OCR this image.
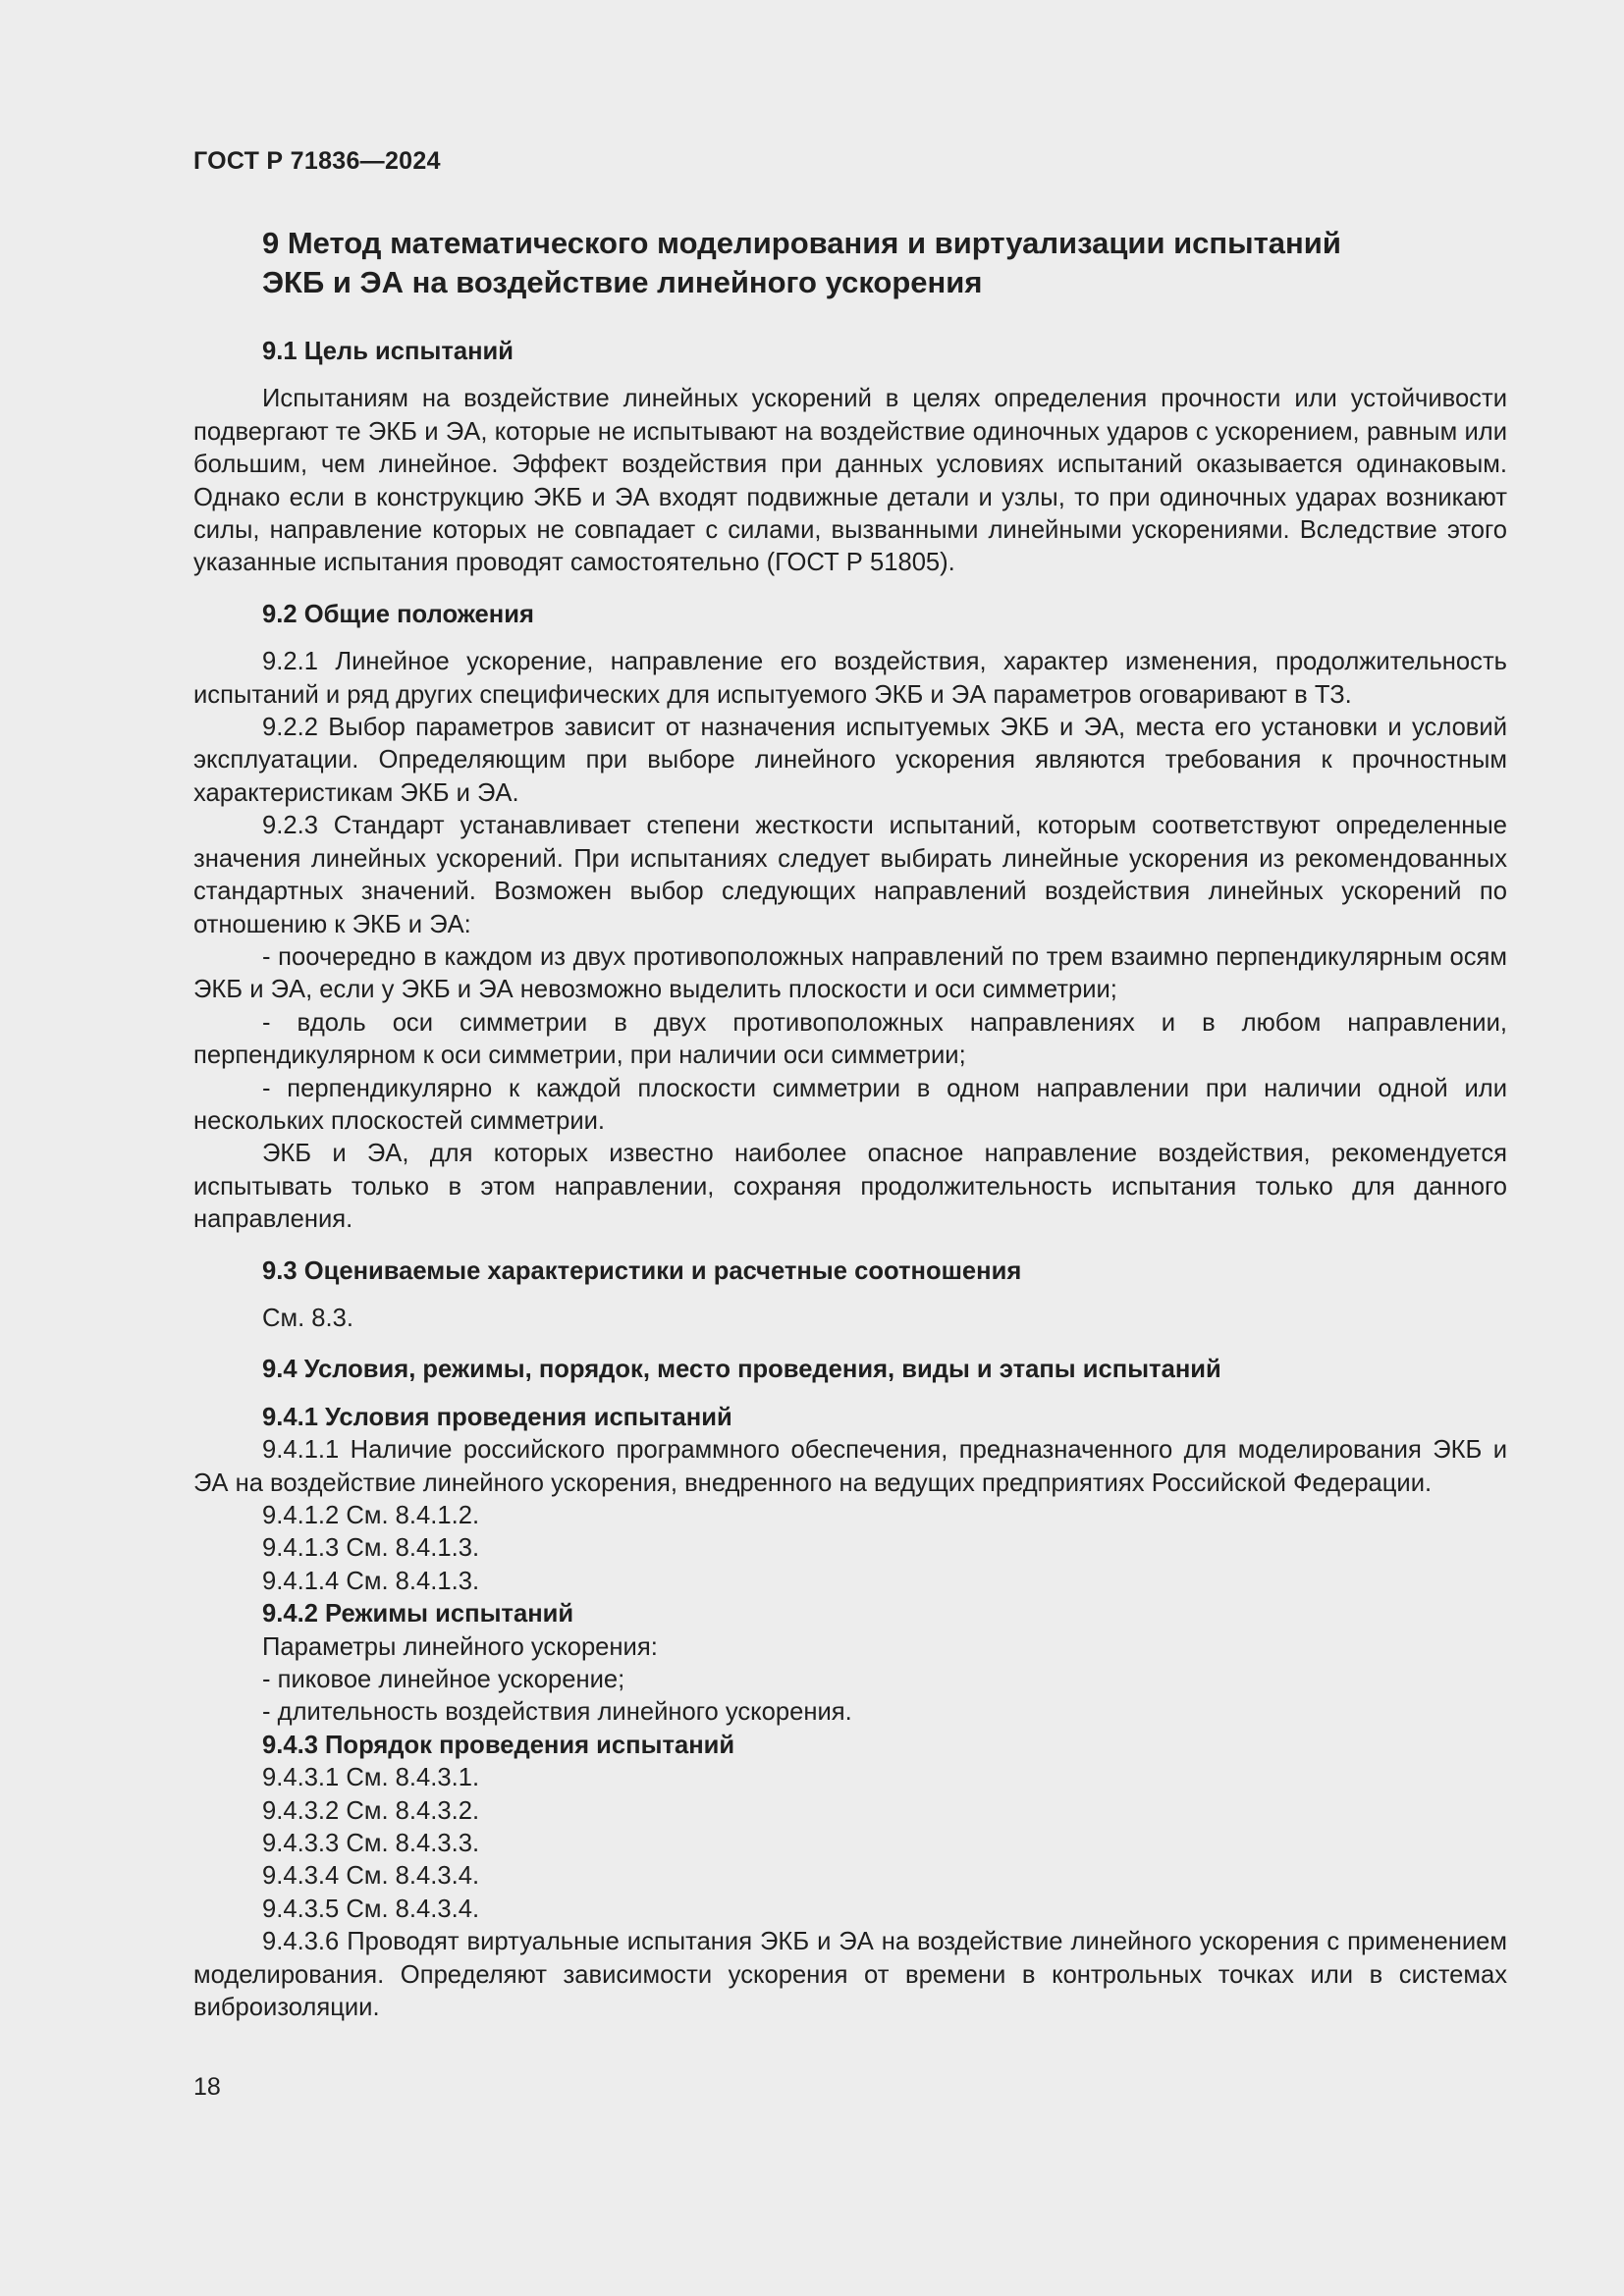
ГОСТ Р 71836—2024
9 Метод математического моделирования и виртуализации испытаний
ЭКБ и ЭА на воздействие линейного ускорения
9.1 Цель испытаний

Испытаниям на воздействие линейных ускорений в целях определения прочности или устойчивости подвергают те ЭКБ и ЭА, которые не испытывают на воздействие одиночных ударов с ускорением, равным или большим, чем линейное. Эффект воздействия при данных условиях испытаний оказывается одинаковым. Однако если в конструкцию ЭКБ и ЭА входят подвижные детали и узлы, то при одиночных ударах возникают силы, направление которых не совпадает с силами, вызванными линейными ускорениями. Вследствие этого указанные испытания проводят самостоятельно (ГОСТ Р 51805).

9.2 Общие положения

9.2.1 Линейное ускорение, направление его воздействия, характер изменения, продолжительность испытаний и ряд других специфических для испытуемого ЭКБ и ЭА параметров оговаривают в ТЗ.

9.2.2 Выбор параметров зависит от назначения испытуемых ЭКБ и ЭА, места его установки и условий эксплуатации. Определяющим при выборе линейного ускорения являются требования к прочностным характеристикам ЭКБ и ЭА.

9.2.3 Стандарт устанавливает степени жесткости испытаний, которым соответствуют определенные значения линейных ускорений. При испытаниях следует выбирать линейные ускорения из рекомендованных стандартных значений. Возможен выбор следующих направлений воздействия линейных ускорений по отношению к ЭКБ и ЭА:

- поочередно в каждом из двух противоположных направлений по трем взаимно перпендикулярным осям ЭКБ и ЭА, если у ЭКБ и ЭА невозможно выделить плоскости и оси симметрии;

- вдоль оси симметрии в двух противоположных направлениях и в любом направлении, перпендикулярном к оси симметрии, при наличии оси симметрии;

- перпендикулярно к каждой плоскости симметрии в одном направлении при наличии одной или нескольких плоскостей симметрии.

ЭКБ и ЭА, для которых известно наиболее опасное направление воздействия, рекомендуется испытывать только в этом направлении, сохраняя продолжительность испытания только для данного направления.

9.3 Оцениваемые характеристики и расчетные соотношения

См. 8.3.

9.4 Условия, режимы, порядок, место проведения, виды и этапы испытаний
9.4.1 Условия проведения испытаний

9.4.1.1 Наличие российского программного обеспечения, предназначенного для моделирования ЭКБ и ЭА на воздействие линейного ускорения, внедренного на ведущих предприятиях Российской Федерации.

9.4.1.2 См. 8.4.1.2.

9.4.1.3 См. 8.4.1.3.

9.4.1.4 См. 8.4.1.3.

9.4.2 Режимы испытаний

Параметры линейного ускорения:

- пиковое линейное ускорение;

- длительность воздействия линейного ускорения.

9.4.3 Порядок проведения испытаний

9.4.3.1 См. 8.4.3.1.

9.4.3.2 См. 8.4.3.2.

9.4.3.3 См. 8.4.3.3.

9.4.3.4 См. 8.4.3.4.

9.4.3.5 См. 8.4.3.4.

9.4.3.6 Проводят виртуальные испытания ЭКБ и ЭА на воздействие линейного ускорения с применением моделирования. Определяют зависимости ускорения от времени в контрольных точках или в системах виброизоляции.

18
